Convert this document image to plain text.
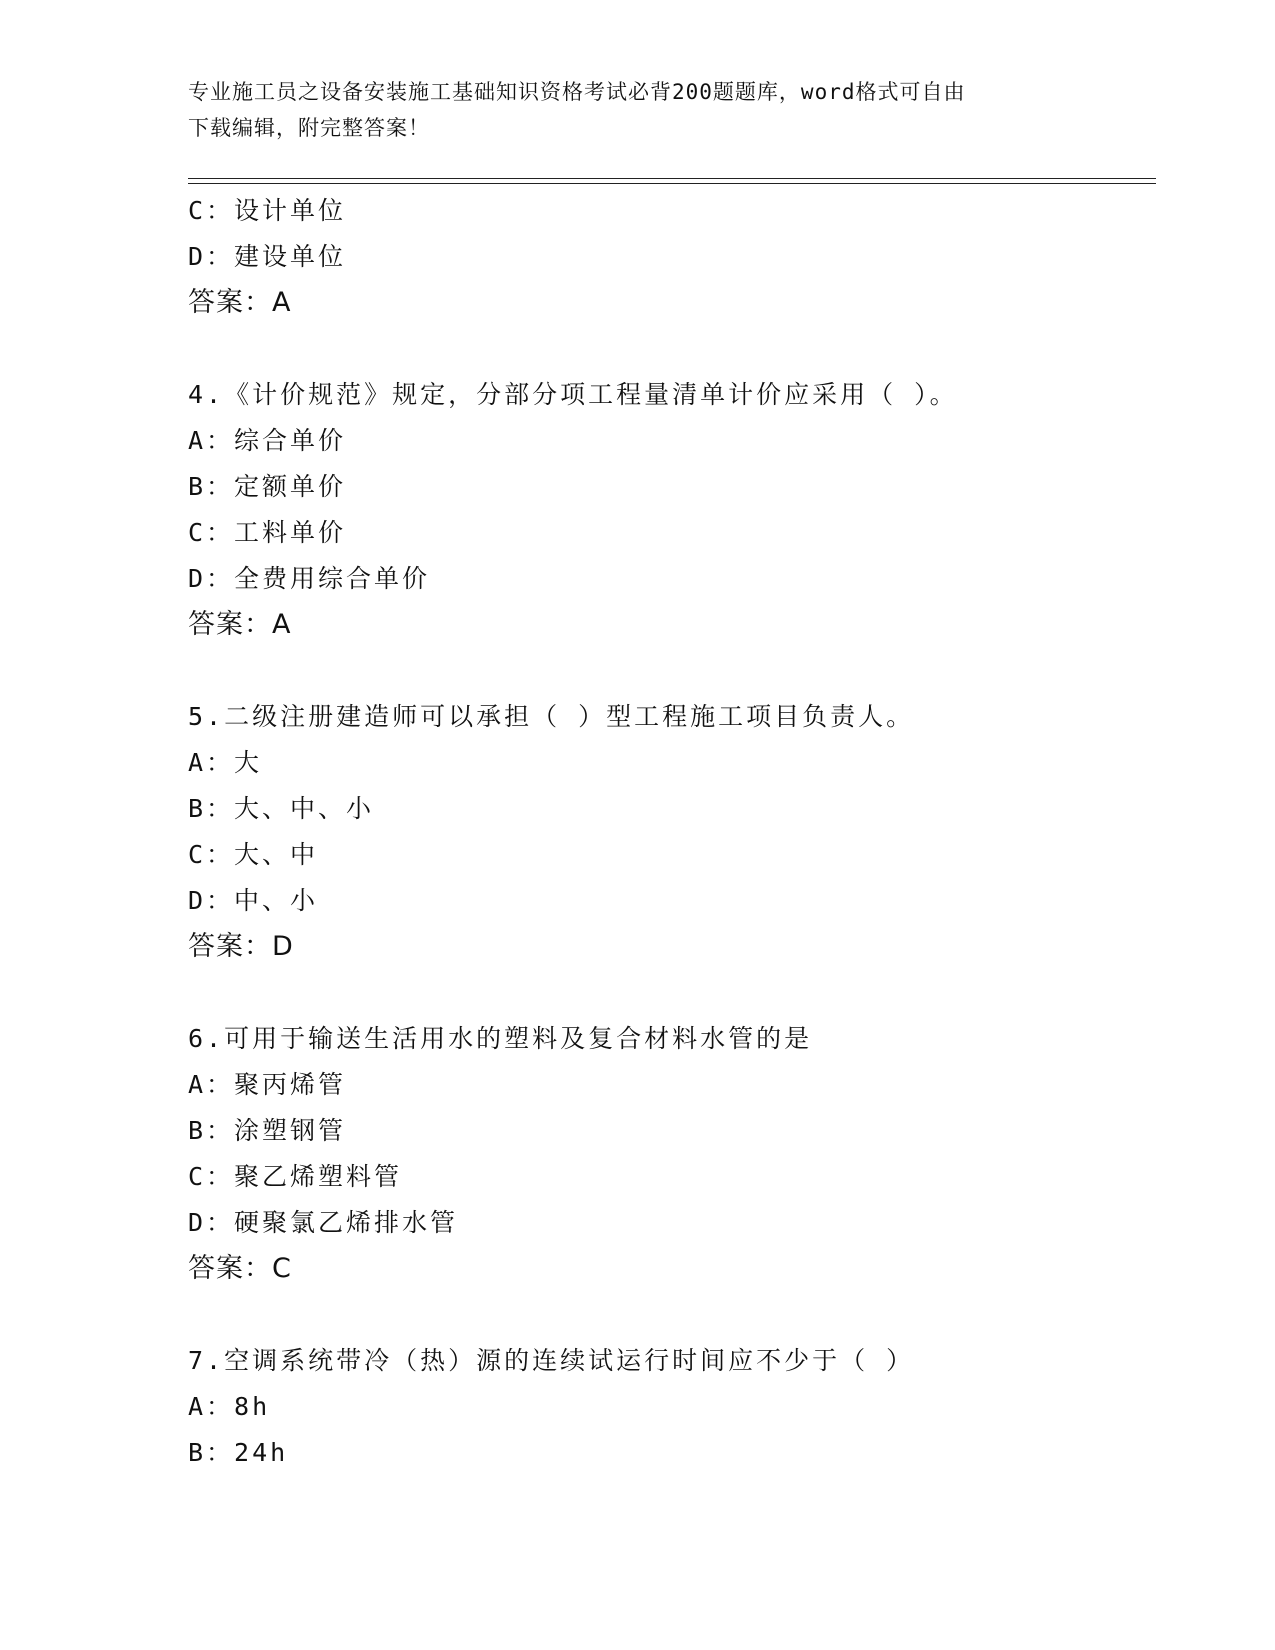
专业施工员之设备安装施工基础知识资格考试必背200题题库，word格式可自由
下载编辑，附完整答案！
C：设计单位
D：建设单位
答案：A
4.《计价规范》规定，分部分项工程量清单计价应采用（ ）。
A：综合单价
B：定额单价
C：工料单价
D：全费用综合单价
答案：A
5.二级注册建造师可以承担（ ）型工程施工项目负责人。
A：大
B：大、中、小
C：大、中
D：中、小
答案：D
6.可用于输送生活用水的塑料及复合材料水管的是
A：聚丙烯管
B：涂塑钢管
C：聚乙烯塑料管
D：硬聚氯乙烯排水管
答案：C
7.空调系统带冷（热）源的连续试运行时间应不少于（ ）
A：8h
B：24h
